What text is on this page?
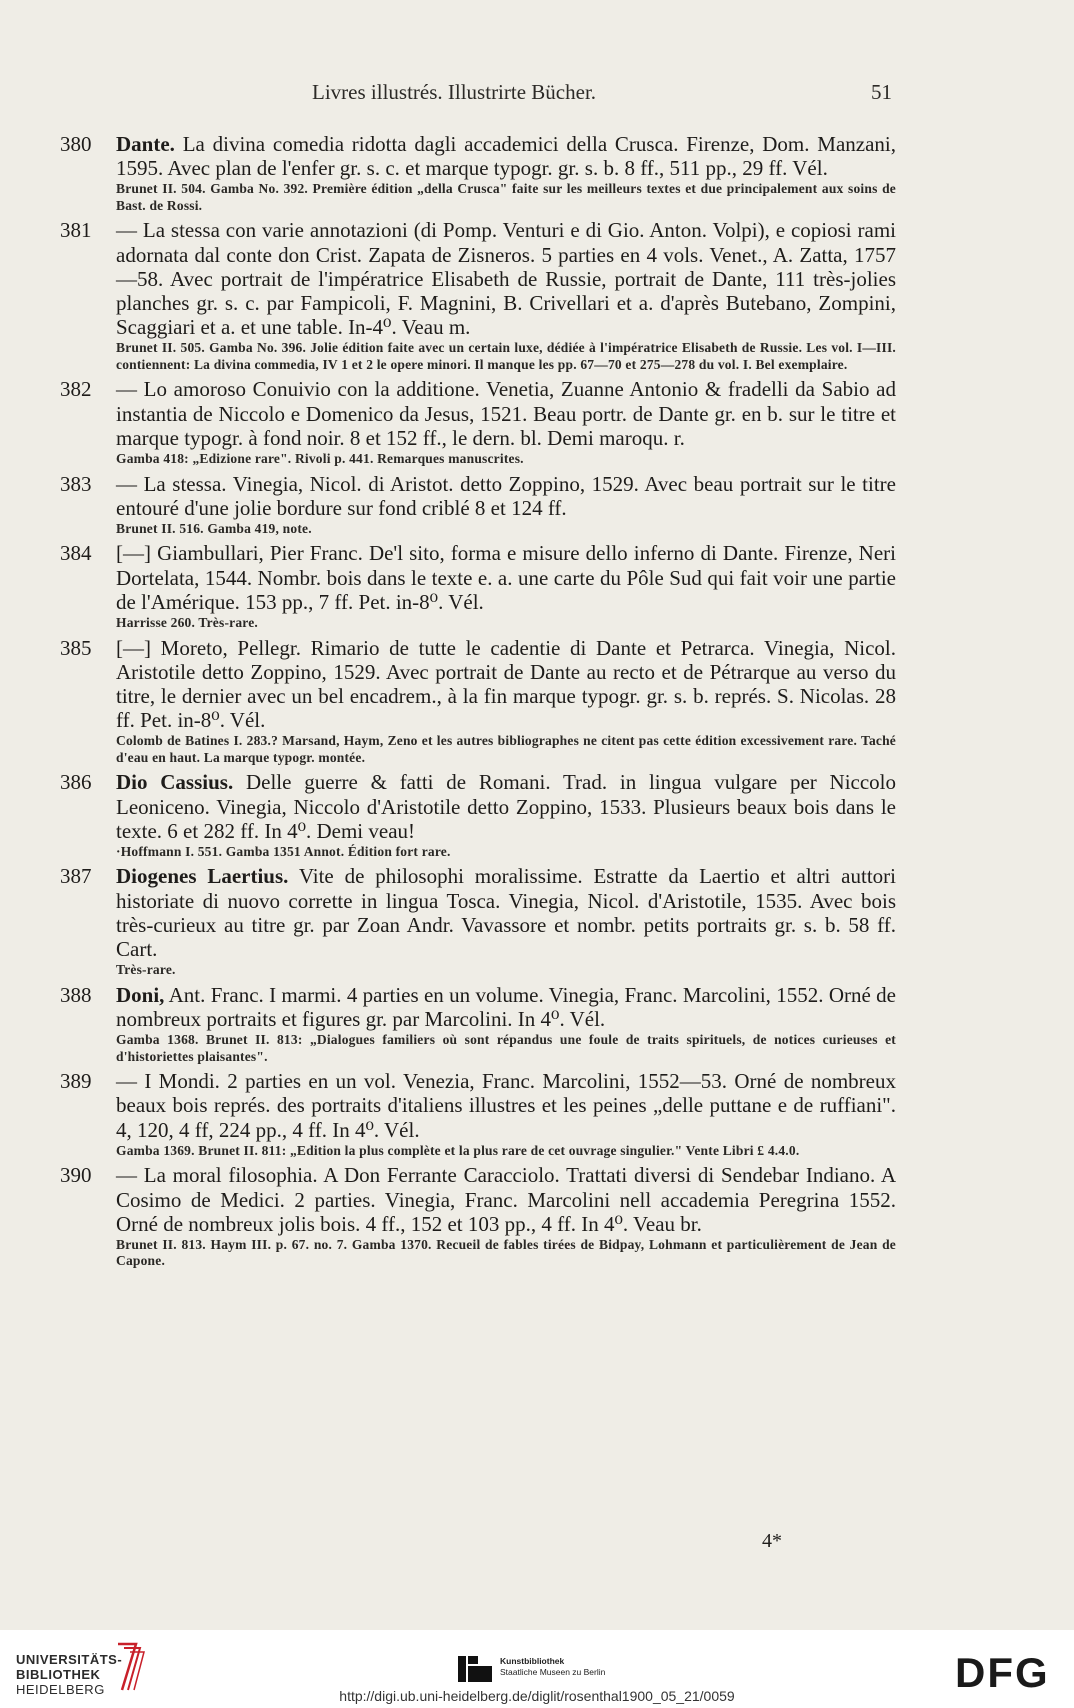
Livres illustrés. Illustrirte Bücher.	51
380	Dante. La divina comedia ridotta dagli accademici della Crusca. Firenze, Dom. Manzani, 1595. Avec plan de l'enfer gr. s. c. et marque typogr. gr. s. b. 8 ff., 511 pp., 29 ff. Vél.
Brunet II. 504. Gamba No. 392. Première édition „della Crusca" faite sur les meilleurs textes et due principalement aux soins de Bast. de Rossi.
381	— La stessa con varie annotazioni (di Pomp. Venturi e di Gio. Anton. Volpi), e copiosi rami adornata dal conte don Crist. Zapata de Zisneros. 5 parties en 4 vols. Venet., A. Zatta, 1757—58. Avec portrait de l'impératrice Elisabeth de Russie, portrait de Dante, 111 très-jolies planches gr. s. c. par Fampicoli, F. Magnini, B. Crivellari et a. d'après Butebano, Zompini, Scaggiari et a. et une table. In-4⁰. Veau m.
Brunet II. 505. Gamba No. 396. Jolie édition faite avec un certain luxe, dédiée à l'impératrice Elisabeth de Russie. Les vol. I—III. contiennent: La divina commedia, IV 1 et 2 le opere minori. Il manque les pp. 67—70 et 275—278 du vol. I. Bel exemplaire.
382	— Lo amoroso Conuivio con la additione. Venetia, Zuanne Antonio & fradelli da Sabio ad instantia de Niccolo e Domenico da Jesus, 1521. Beau portr. de Dante gr. en b. sur le titre et marque typogr. à fond noir. 8 et 152 ff., le dern. bl. Demi maroqu. r.
Gamba 418: „Edizione rare". Rivoli p. 441. Remarques manuscrites.
383	— La stessa. Vinegia, Nicol. di Aristot. detto Zoppino, 1529. Avec beau portrait sur le titre entouré d'une jolie bordure sur fond criblé 8 et 124 ff.
Brunet II. 516. Gamba 419, note.
384	[—] Giambullari, Pier Franc. De'l sito, forma e misure dello inferno di Dante. Firenze, Neri Dortelata, 1544. Nombr. bois dans le texte e. a. une carte du Pôle Sud qui fait voir une partie de l'Amérique. 153 pp., 7 ff. Pet. in-8⁰. Vél.
Harrisse 260. Très-rare.
385	[—] Moreto, Pellegr. Rimario de tutte le cadentie di Dante et Petrarca. Vinegia, Nicol. Aristotile detto Zoppino, 1529. Avec portrait de Dante au recto et de Pétrarque au verso du titre, le dernier avec un bel encadrem., à la fin marque typogr. gr. s. b. représ. S. Nicolas. 28 ff. Pet. in-8⁰. Vél.
Colomb de Batines I. 283.? Marsand, Haym, Zeno et les autres bibliographes ne citent pas cette édition excessivement rare. Taché d'eau en haut. La marque typogr. montée.
386	Dio Cassius. Delle guerre & fatti de Romani. Trad. in lingua vulgare per Niccolo Leoniceno. Vinegia, Niccolo d'Aristotile detto Zoppino, 1533. Plusieurs beaux bois dans le texte. 6 et 282 ff. In 4⁰. Demi veau!
·Hoffmann I. 551. Gamba 1351 Annot. Édition fort rare.
387	Diogenes Laertius. Vite de philosophi moralissime. Estratte da Laertio et altri auttori historiate di nuovo corrette in lingua Tosca. Vinegia, Nicol. d'Aristotile, 1535. Avec bois très-curieux au titre gr. par Zoan Andr. Vavassore et nombr. petits portraits gr. s. b. 58 ff. Cart.
Très-rare.
388	Doni, Ant. Franc. I marmi. 4 parties en un volume. Vinegia, Franc. Marcolini, 1552. Orné de nombreux portraits et figures gr. par Marcolini. In 4⁰. Vél.
Gamba 1368. Brunet II. 813: „Dialogues familiers où sont répandus une foule de traits spirituels, de notices curieuses et d'historiettes plaisantes".
389	— I Mondi. 2 parties en un vol. Venezia, Franc. Marcolini, 1552—53. Orné de nombreux beaux bois représ. des portraits d'italiens illustres et les peines „delle puttane e de ruffiani". 4, 120, 4 ff, 224 pp., 4 ff. In 4⁰. Vél.
Gamba 1369. Brunet II. 811: „Edition la plus complète et la plus rare de cet ouvrage singulier." Vente Libri £ 4.4.0.
390	— La moral filosophia. A Don Ferrante Caracciolo. Trattati diversi di Sendebar Indiano. A Cosimo de Medici. 2 parties. Vinegia, Franc. Marcolini nell accademia Peregrina 1552. Orné de nombreux jolis bois. 4 ff., 152 et 103 pp., 4 ff. In 4⁰. Veau br.
Brunet II. 813. Haym III. p. 67. no. 7. Gamba 1370. Recueil de fables tirées de Bidpay, Lohmann et particulièrement de Jean de Capone.
4*
UNIVERSITÄTS-
BIBLIOTHEK
HEIDELBERG
Kunstbibliothek
Staatliche Museen zu Berlin	DFG
http://digi.ub.uni-heidelberg.de/diglit/rosenthal1900_05_21/0059
